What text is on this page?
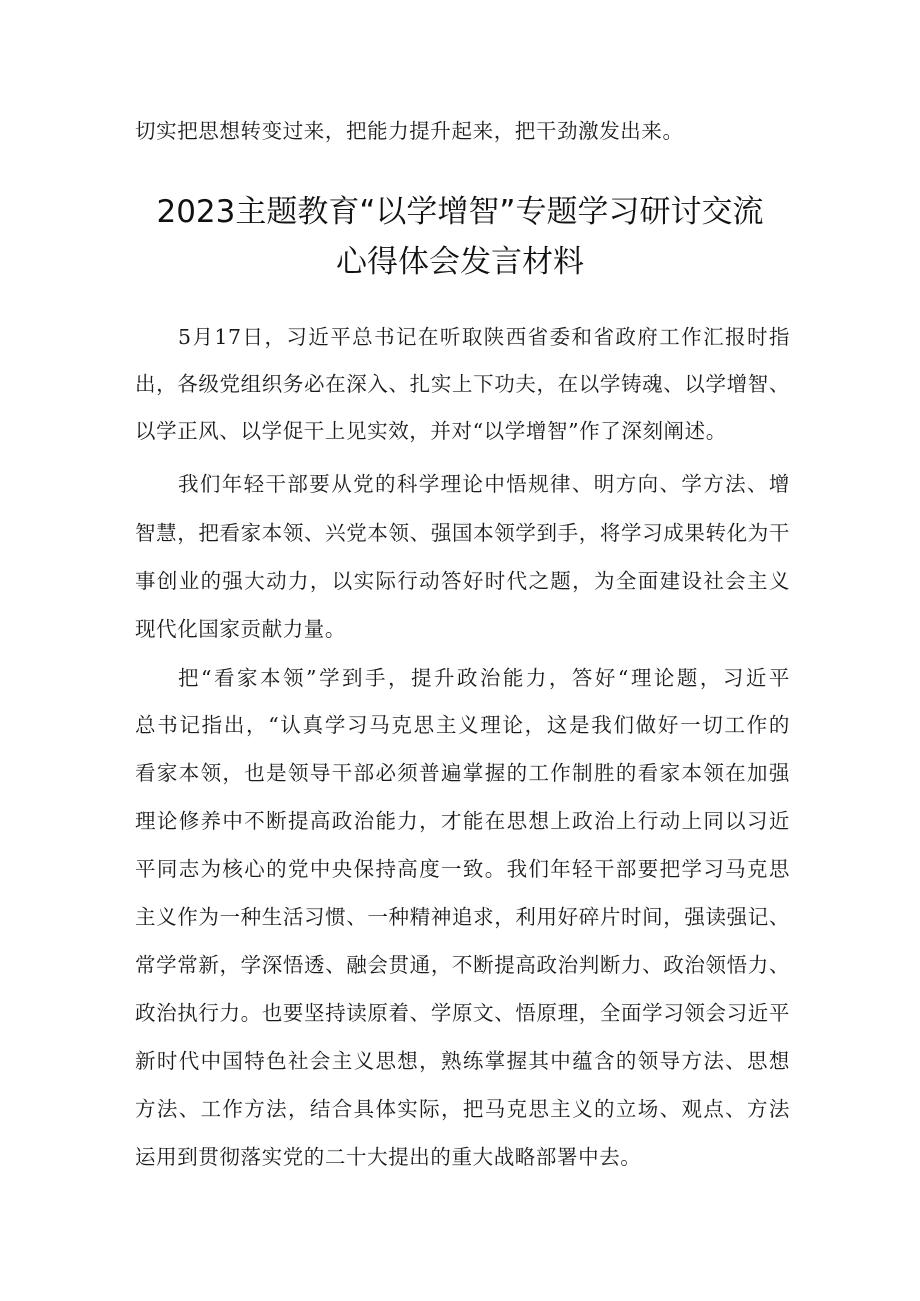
切实把思想转变过来，把能力提升起来，把干劲激发出来。
2023主题教育“以学增智”专题学习研讨交流
心得体会发言材料
5月17日，习近平总书记在听取陕西省委和省政府工作汇报时指
出，各级党组织务必在深入、扎实上下功夫，在以学铸魂、以学增智、
以学正风、以学促干上见实效，并对“以学增智”作了深刻阐述。
我们年轻干部要从党的科学理论中悟规律、明方向、学方法、增
智慧，把看家本领、兴党本领、强国本领学到手，将学习成果转化为干
事创业的强大动力，以实际行动答好时代之题，为全面建设社会主义
现代化国家贡献力量。
把“看家本领”学到手，提升政治能力，答好“理论题，习近平
总书记指出，“认真学习马克思主义理论，这是我们做好一切工作的
看家本领，也是领导干部必须普遍掌握的工作制胜的看家本领在加强
理论修养中不断提高政治能力，才能在思想上政治上行动上同以习近
平同志为核心的党中央保持高度一致。我们年轻干部要把学习马克思
主义作为一种生活习惯、一种精神追求，利用好碎片时间，强读强记、
常学常新，学深悟透、融会贯通，不断提高政治判断力、政治领悟力、
政治执行力。也要坚持读原着、学原文、悟原理，全面学习领会习近平
新时代中国特色社会主义思想，熟练掌握其中蕴含的领导方法、思想
方法、工作方法，结合具体实际，把马克思主义的立场、观点、方法
运用到贯彻落实党的二十大提出的重大战略部署中去。
